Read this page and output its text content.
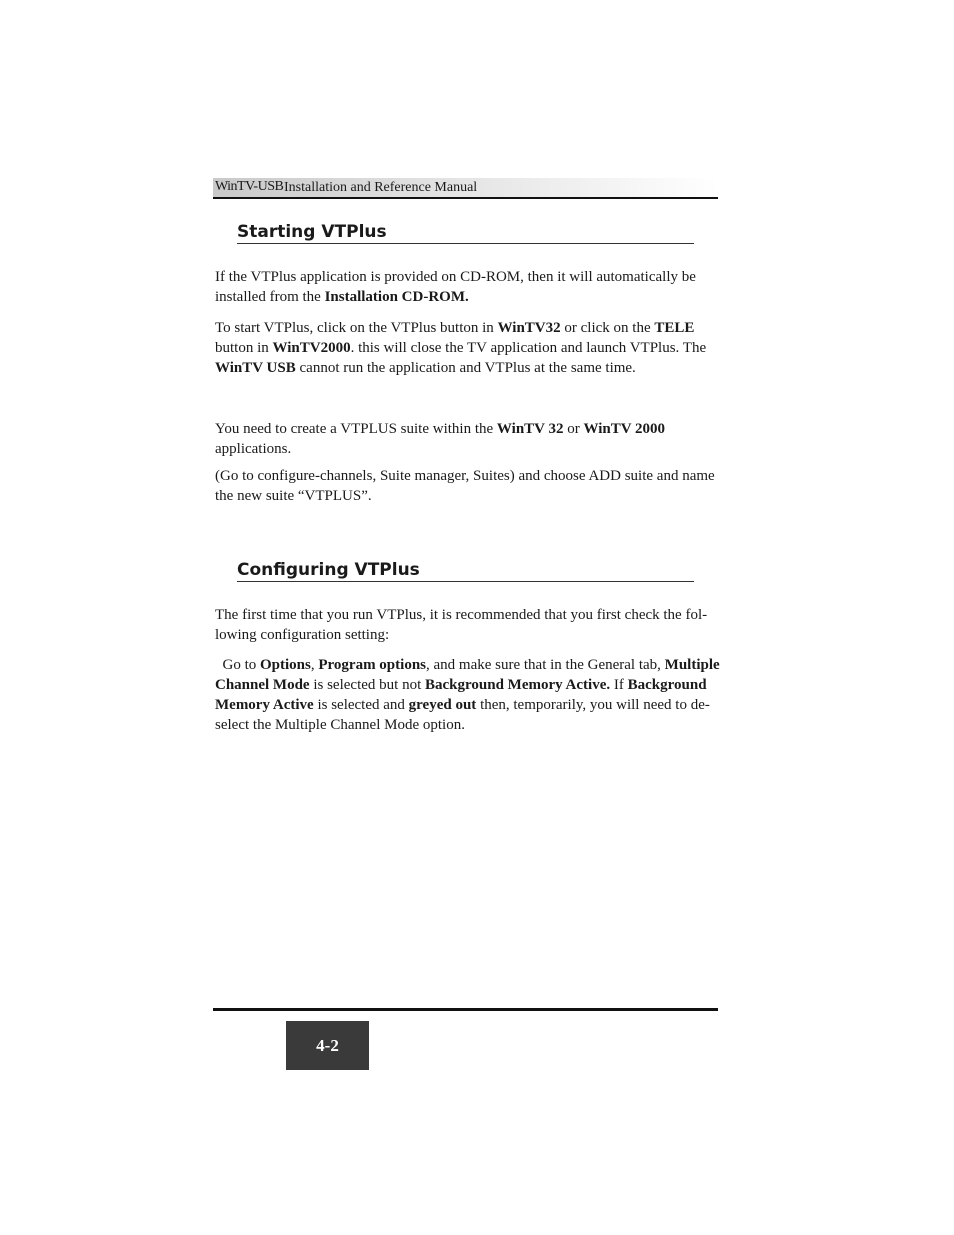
WinTV-USB Installation and Reference Manual
Starting VTPlus

If the VTPlus application is provided on CD-ROM, then it will automatically be installed from the Installation CD-ROM.

To start VTPlus, click on the VTPlus button in WinTV32 or click on the TELE button in WinTV2000. this will close the TV application and launch VTPlus. The WinTV USB cannot run the application and VTPlus at the same time.

You need to create a VTPLUS suite within the WinTV 32 or WinTV 2000 applications.

(Go to configure-channels, Suite manager, Suites) and choose ADD suite and name the new suite “VTPLUS”.

Configuring VTPlus

The first time that you run VTPlus, it is recommended that you first check the fol-lowing configuration setting:

Go to Options, Program options, and make sure that in the General tab, Multiple Channel Mode is selected but not Background Memory Active. If Background Memory Active is selected and greyed out then, temporarily, you will need to de-select the Multiple Channel Mode option.

4-2
